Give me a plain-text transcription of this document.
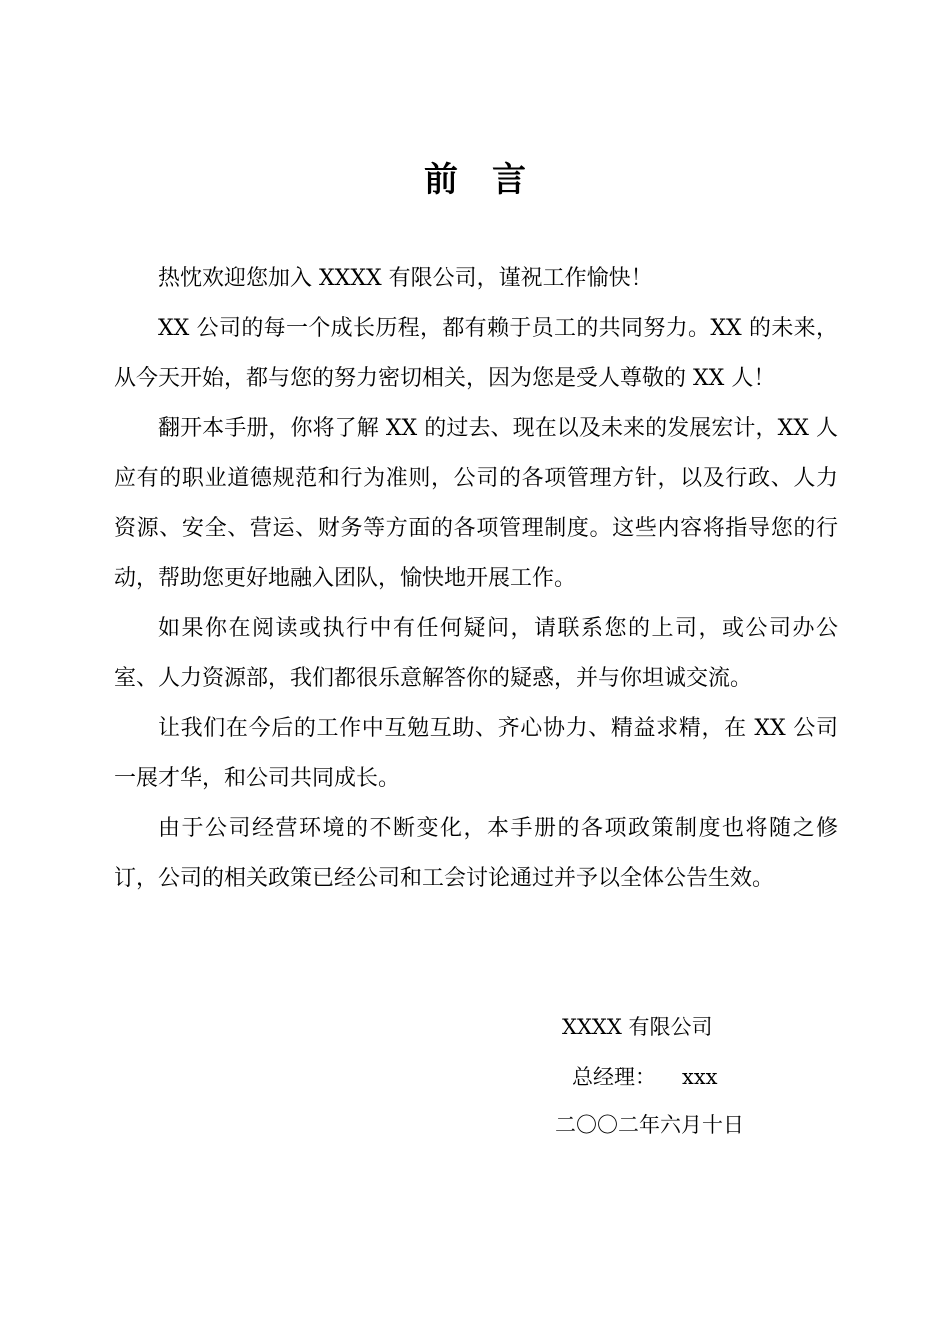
前言

热忱欢迎您加入 XXXX 有限公司，谨祝工作愉快！

XX 公司的每一个成长历程，都有赖于员工的共同努力。XX 的未来，从今天开始，都与您的努力密切相关，因为您是受人尊敬的 XX 人！

翻开本手册，你将了解 XX 的过去、现在以及未来的发展宏计，XX 人应有的职业道德规范和行为准则，公司的各项管理方针，以及行政、人力资源、安全、营运、财务等方面的各项管理制度。这些内容将指导您的行动，帮助您更好地融入团队，愉快地开展工作。

如果你在阅读或执行中有任何疑问，请联系您的上司，或公司办公室、人力资源部，我们都很乐意解答你的疑惑，并与你坦诚交流。

让我们在今后的工作中互勉互助、齐心协力、精益求精，在 XX 公司一展才华，和公司共同成长。

由于公司经营环境的不断变化，本手册的各项政策制度也将随之修订，公司的相关政策已经公司和工会讨论通过并予以全体公告生效。

XXXX 有限公司
总经理： xxx
二〇〇二年六月十日
